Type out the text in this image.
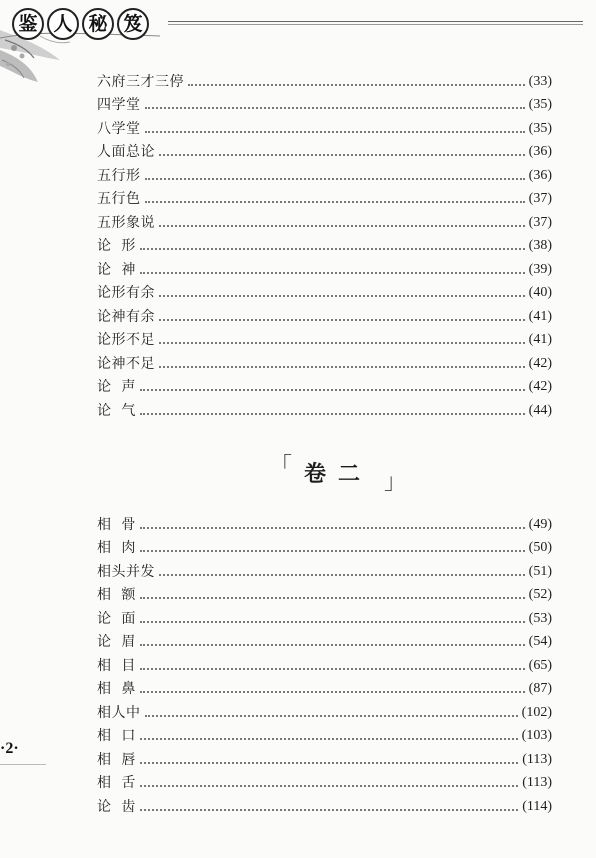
鉴 人 秘 笈
六府三才三停	(33)
四学堂	(35)
八学堂	(35)
人面总论	(36)
五行形	(36)
五行色	(37)
五形象说	(37)
论  形	(38)
论  神	(39)
论形有余	(40)
论神有余	(41)
论形不足	(41)
论神不足	(42)
论  声	(42)
论  气	(44)
「 卷二 」
相  骨	(49)
相  肉	(50)
相头并发	(51)
相  额	(52)
论  面	(53)
论  眉	(54)
相  目	(65)
相  鼻	(87)
相人中	(102)
相  口	(103)
相  唇	(113)
相  舌	(113)
论  齿	(114)
·2·
